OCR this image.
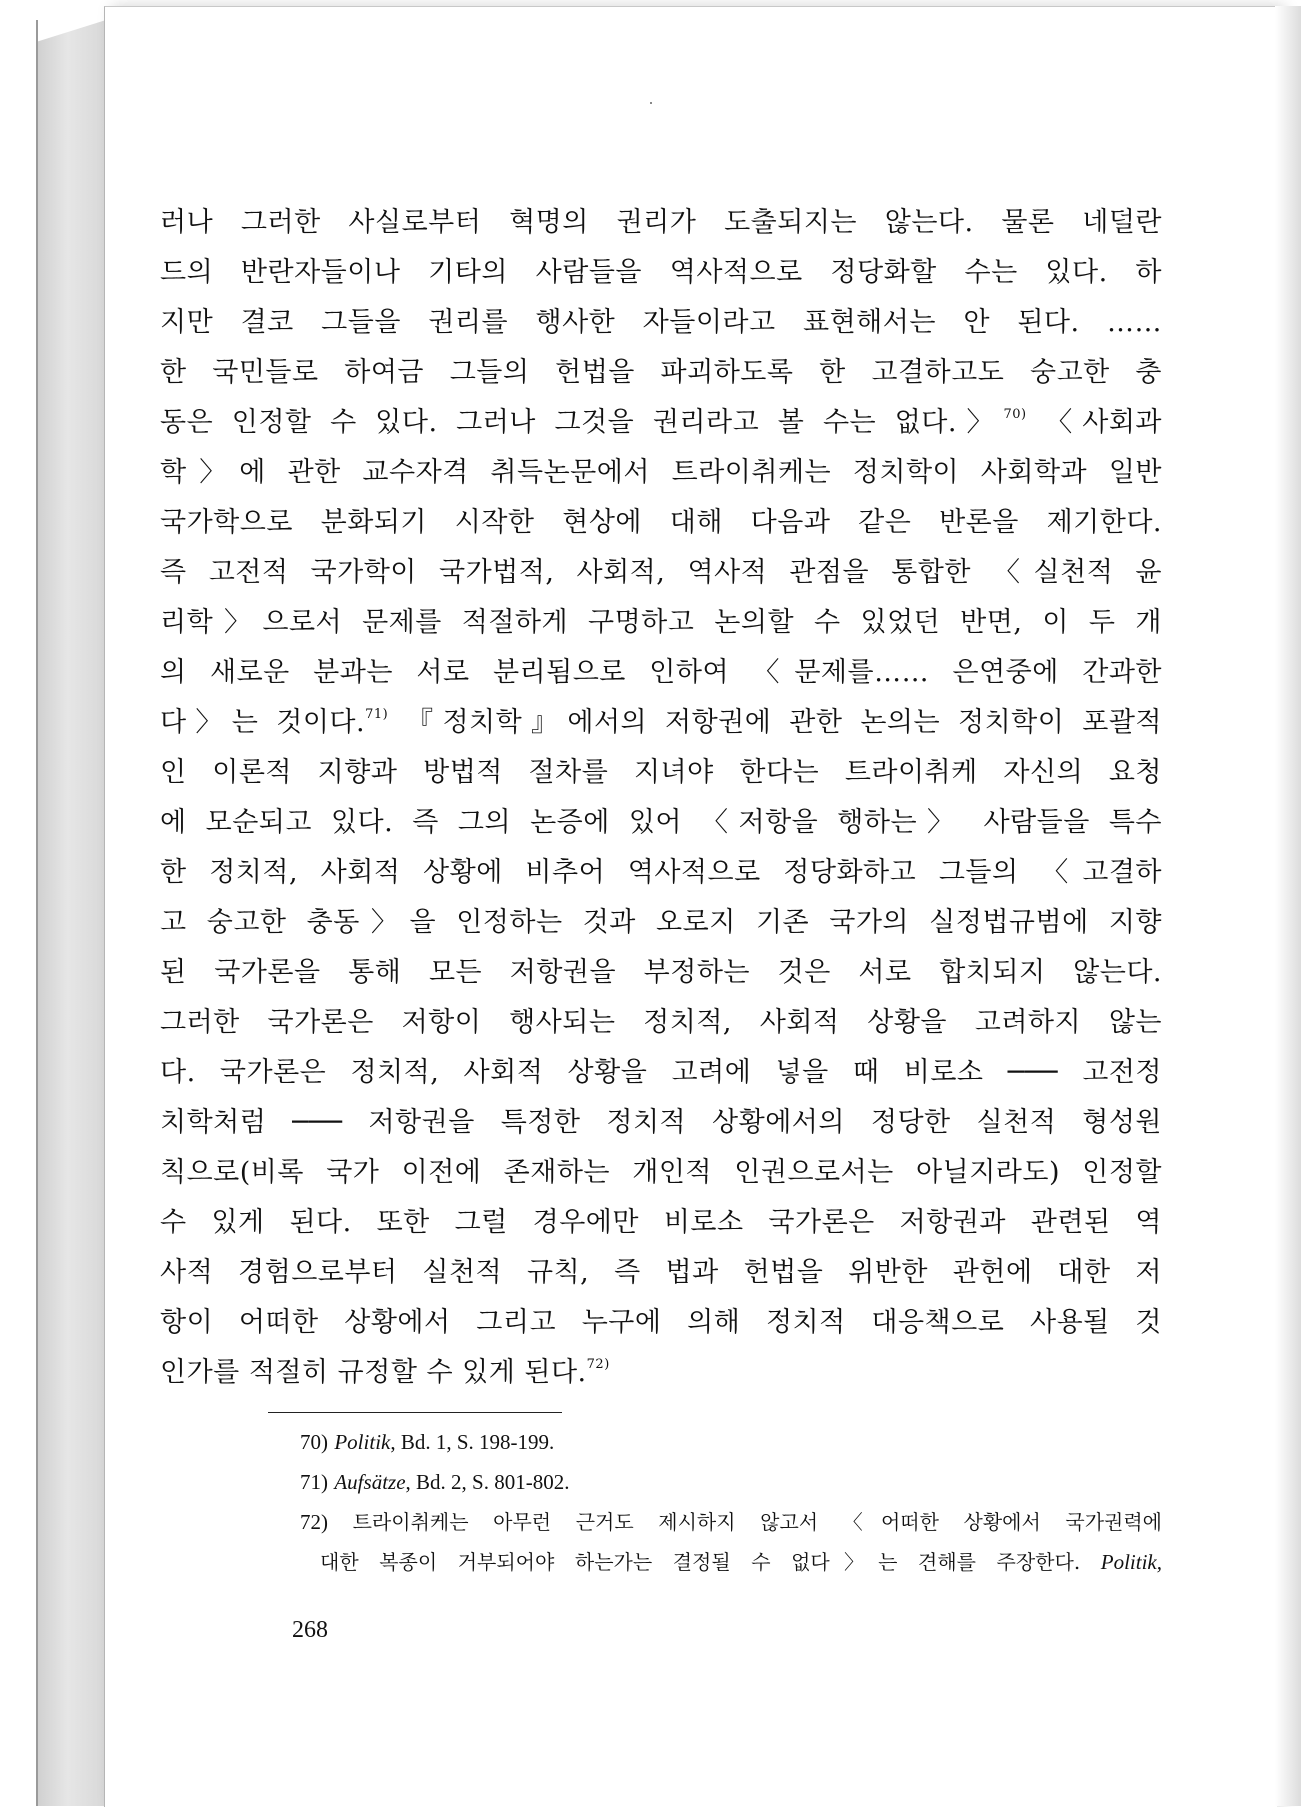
러나 그러한 사실로부터 혁명의 권리가 도출되지는 않는다. 물론 네덜란
드의 반란자들이나 기타의 사람들을 역사적으로 정당화할 수는 있다. 하
지만 결코 그들을 권리를 행사한 자들이라고 표현해서는 안 된다. ……
한 국민들로 하여금 그들의 헌법을 파괴하도록 한 고결하고도 숭고한 충
동은 인정할 수 있다. 그러나 그것을 권리라고 볼 수는 없다.〉$^{70)}$ 〈사회과
학〉에 관한 교수자격 취득논문에서 트라이취케는 정치학이 사회학과 일반
국가학으로 분화되기 시작한 현상에 대해 다음과 같은 반론을 제기한다.
즉 고전적 국가학이 국가법적, 사회적, 역사적 관점을 통합한 〈실천적 윤
리학〉으로서 문제를 적절하게 구명하고 논의할 수 있었던 반면, 이 두 개
의 새로운 분과는 서로 분리됨으로 인하여 〈문제를…… 은연중에 간과한
다〉는 것이다.$^{71)}$ 『정치학』에서의 저항권에 관한 논의는 정치학이 포괄적
인 이론적 지향과 방법적 절차를 지녀야 한다는 트라이취케 자신의 요청
에 모순되고 있다. 즉 그의 논증에 있어 〈저항을 행하는〉 사람들을 특수
한 정치적, 사회적 상황에 비추어 역사적으로 정당화하고 그들의 〈고결하
고 숭고한 충동〉을 인정하는 것과 오로지 기존 국가의 실정법규범에 지향
된 국가론을 통해 모든 저항권을 부정하는 것은 서로 합치되지 않는다.
그러한 국가론은 저항이 행사되는 정치적, 사회적 상황을 고려하지 않는
다. 국가론은 정치적, 사회적 상황을 고려에 넣을 때 비로소 ─── 고전정
치학처럼 ─── 저항권을 특정한 정치적 상황에서의 정당한 실천적 형성원
칙으로(비록 국가 이전에 존재하는 개인적 인권으로서는 아닐지라도) 인정할
수 있게 된다. 또한 그럴 경우에만 비로소 국가론은 저항권과 관련된 역
사적 경험으로부터 실천적 규칙, 즉 법과 헌법을 위반한 관헌에 대한 저
항이 어떠한 상황에서 그리고 누구에 의해 정치적 대응책으로 사용될 것
인가를 적절히 규정할 수 있게 된다.$^{72)}$
70) Politik, Bd. 1, S. 198-199.
71) Aufsätze, Bd. 2, S. 801-802.
72) 트라이취케는 아무런 근거도 제시하지 않고서 〈어떠한 상황에서 국가권력에
대한 복종이 거부되어야 하는가는 결정될 수 없다〉는 견해를 주장한다. Politik,
268
